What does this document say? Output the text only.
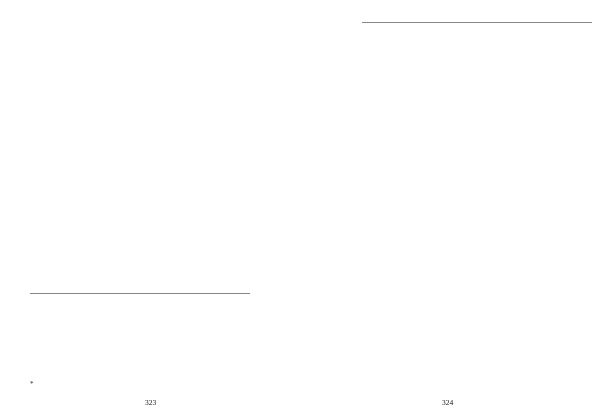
*
323	324
